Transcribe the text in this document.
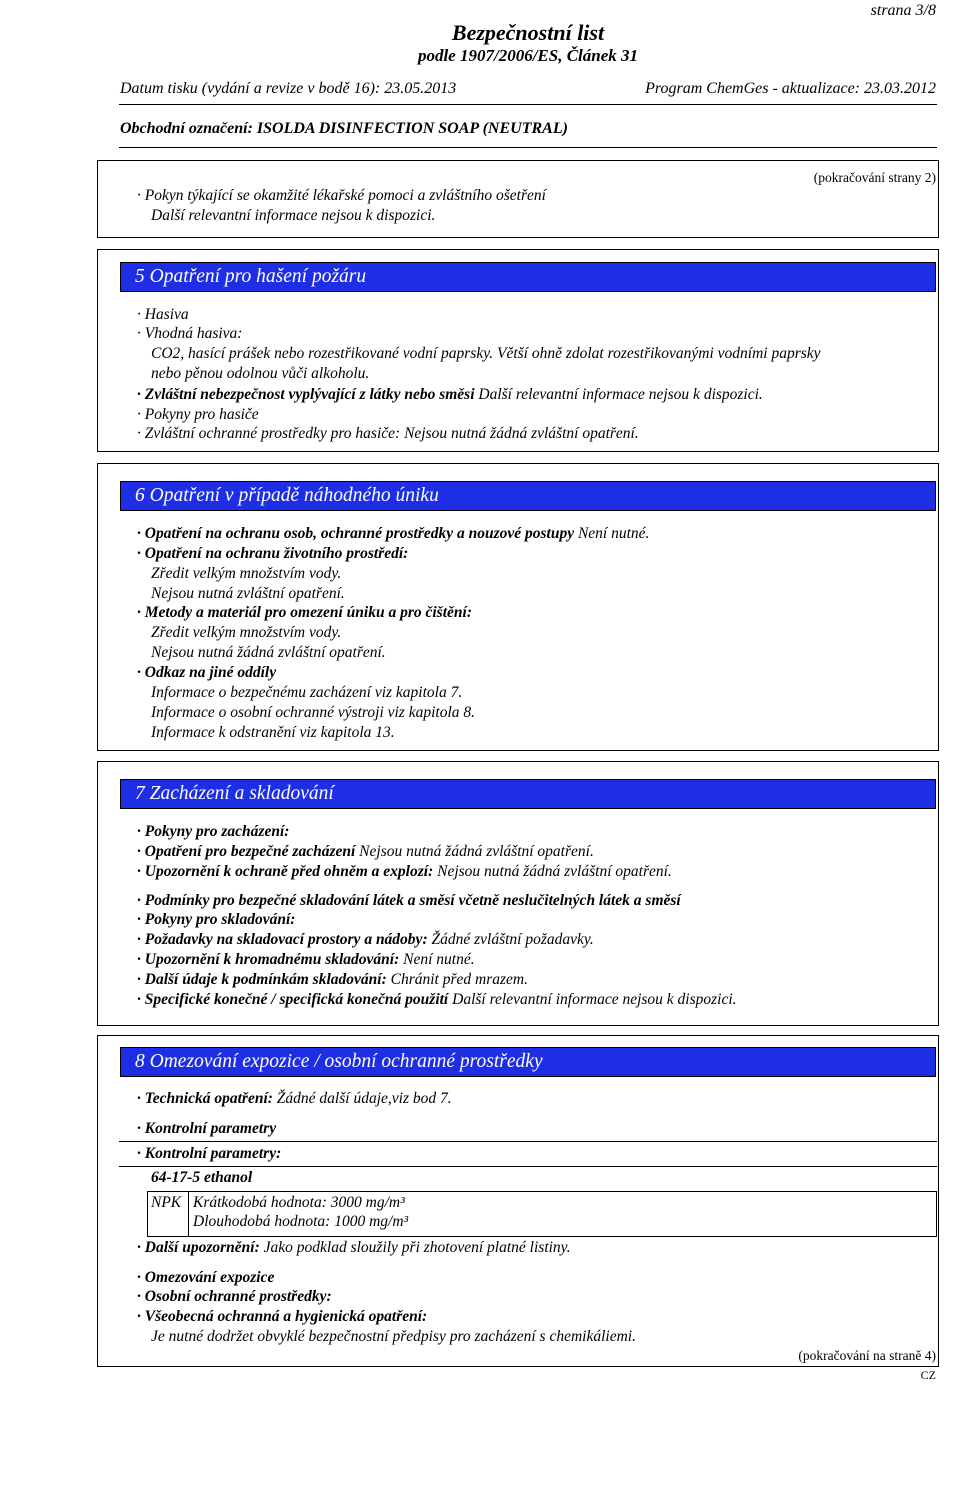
strana 3/8
Bezpečnostní list
podle 1907/2006/ES, Článek 31
Datum tisku (vydání a revize v bodě 16): 23.05.2013	Program ChemGes - aktualizace: 23.03.2012
Obchodní označení: ISOLDA DISINFECTION SOAP (NEUTRAL)
(pokračování strany 2)
· Pokyn týkající se okamžité lékařské pomoci a zvláštního ošetření
Další relevantní informace nejsou k dispozici.
5 Opatření pro hašení požáru
· Hasiva
· Vhodná hasiva:
CO2, hasící prášek nebo rozestřikované vodní paprsky. Větší ohně zdolat rozestřikovanými vodními paprsky
nebo pěnou odolnou vůči alkoholu.
· Zvláštní nebezpečnost vyplývající z látky nebo směsi Další relevantní informace nejsou k dispozici.
· Pokyny pro hasiče
· Zvláštní ochranné prostředky pro hasiče: Nejsou nutná žádná zvláštní opatření.
6 Opatření v případě náhodného úniku
· Opatření na ochranu osob, ochranné prostředky a nouzové postupy Není nutné.
· Opatření na ochranu životního prostředí:
Zředit velkým množstvím vody.
Nejsou nutná zvláštní opatření.
· Metody a materiál pro omezení úniku a pro čištění:
Zředit velkým množstvím vody.
Nejsou nutná žádná zvláštní opatření.
· Odkaz na jiné oddíly
Informace o bezpečnému zacházení viz kapitola 7.
Informace o osobní ochranné výstroji viz kapitola 8.
Informace k odstranění viz kapitola 13.
7 Zacházení a skladování
· Pokyny pro zacházení:
· Opatření pro bezpečné zacházení Nejsou nutná žádná zvláštní opatření.
· Upozornění k ochraně před ohněm a explozí: Nejsou nutná žádná zvláštní opatření.
· Podmínky pro bezpečné skladování látek a směsí včetně neslučitelných látek a směsí
· Pokyny pro skladování:
· Požadavky na skladovací prostory a nádoby: Žádné zvláštní požadavky.
· Upozornění k hromadnému skladování: Není nutné.
· Další údaje k podmínkám skladování: Chránit před mrazem.
· Specifické konečné / specifická konečná použití Další relevantní informace nejsou k dispozici.
8 Omezování expozice / osobní ochranné prostředky
· Technická opatření: Žádné další údaje,viz bod 7.
· Kontrolní parametry
· Kontrolní parametry:
64-17-5 ethanol
NPK Krátkodobá hodnota: 3000 mg/m³
Dlouhodobá hodnota: 1000 mg/m³
· Další upozornění: Jako podklad sloužily při zhotovení platné listiny.
· Omezování expozice
· Osobní ochranné prostředky:
· Všeobecná ochranná a hygienická opatření:
Je nutné dodržet obvyklé bezpečnostní předpisy pro zacházení s chemikáliemi.
(pokračování na straně 4)
CZ
